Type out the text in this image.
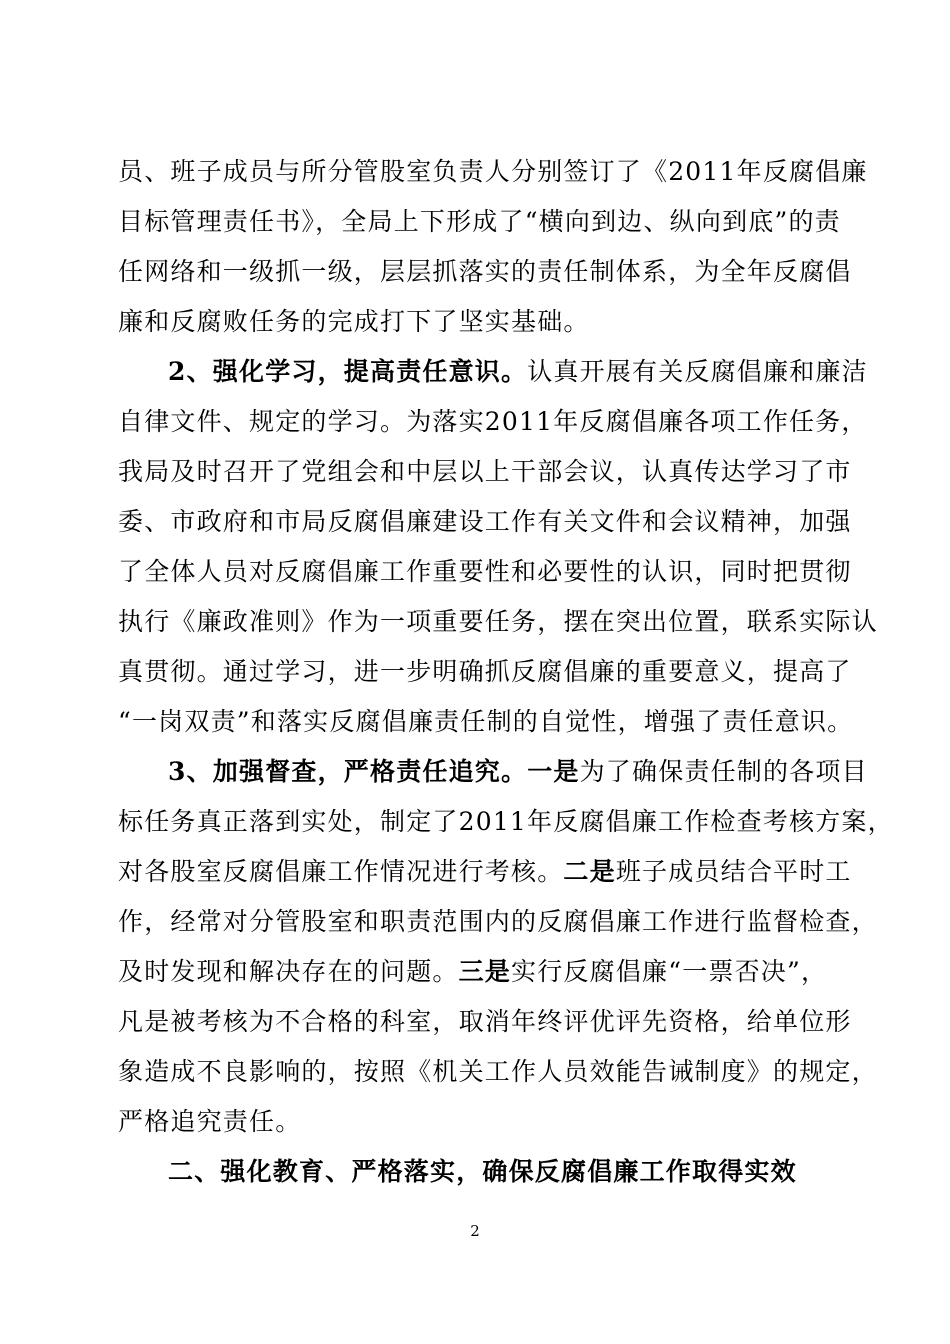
员、班子成员与所分管股室负责人分别签订了《2011年反腐倡廉
目标管理责任书》，全局上下形成了“横向到边、纵向到底”的责
任网络和一级抓一级，层层抓落实的责任制体系，为全年反腐倡
廉和反腐败任务的完成打下了坚实基础。
2、强化学习，提高责任意识。认真开展有关反腐倡廉和廉洁
自律文件、规定的学习。为落实2011年反腐倡廉各项工作任务，
我局及时召开了党组会和中层以上干部会议，认真传达学习了市
委、市政府和市局反腐倡廉建设工作有关文件和会议精神，加强
了全体人员对反腐倡廉工作重要性和必要性的认识，同时把贯彻
执行《廉政准则》作为一项重要任务，摆在突出位置，联系实际认
真贯彻。通过学习，进一步明确抓反腐倡廉的重要意义，提高了
“一岗双责”和落实反腐倡廉责任制的自觉性，增强了责任意识。
3、加强督查，严格责任追究。一是为了确保责任制的各项目
标任务真正落到实处，制定了2011年反腐倡廉工作检查考核方案，
对各股室反腐倡廉工作情况进行考核。二是班子成员结合平时工
作，经常对分管股室和职责范围内的反腐倡廉工作进行监督检查，
及时发现和解决存在的问题。三是实行反腐倡廉“一票否决”，
凡是被考核为不合格的科室，取消年终评优评先资格，给单位形
象造成不良影响的，按照《机关工作人员效能告诫制度》的规定，
严格追究责任。
二、强化教育、严格落实，确保反腐倡廉工作取得实效
2
